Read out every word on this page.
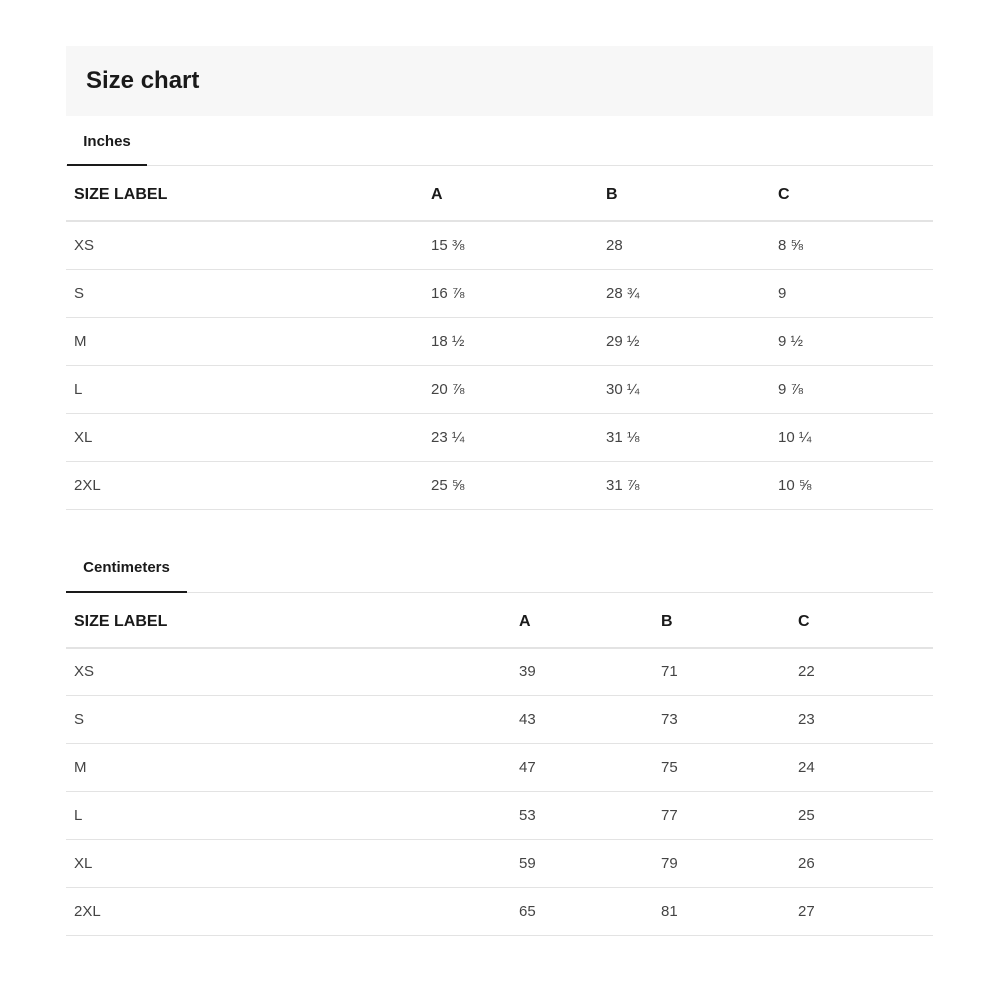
Size chart
Inches
SIZE LABEL	A	B	C
XS	15 ⅜	28	8 ⅝
S	16 ⅞	28 ¾	9
M	18 ½	29 ½	9 ½
L	20 ⅞	30 ¼	9 ⅞
XL	23 ¼	31 ⅛	10 ¼
2XL	25 ⅝	31 ⅞	10 ⅝
Centimeters
SIZE LABEL	A	B	C
XS	39	71	22
S	43	73	23
M	47	75	24
L	53	77	25
XL	59	79	26
2XL	65	81	27
